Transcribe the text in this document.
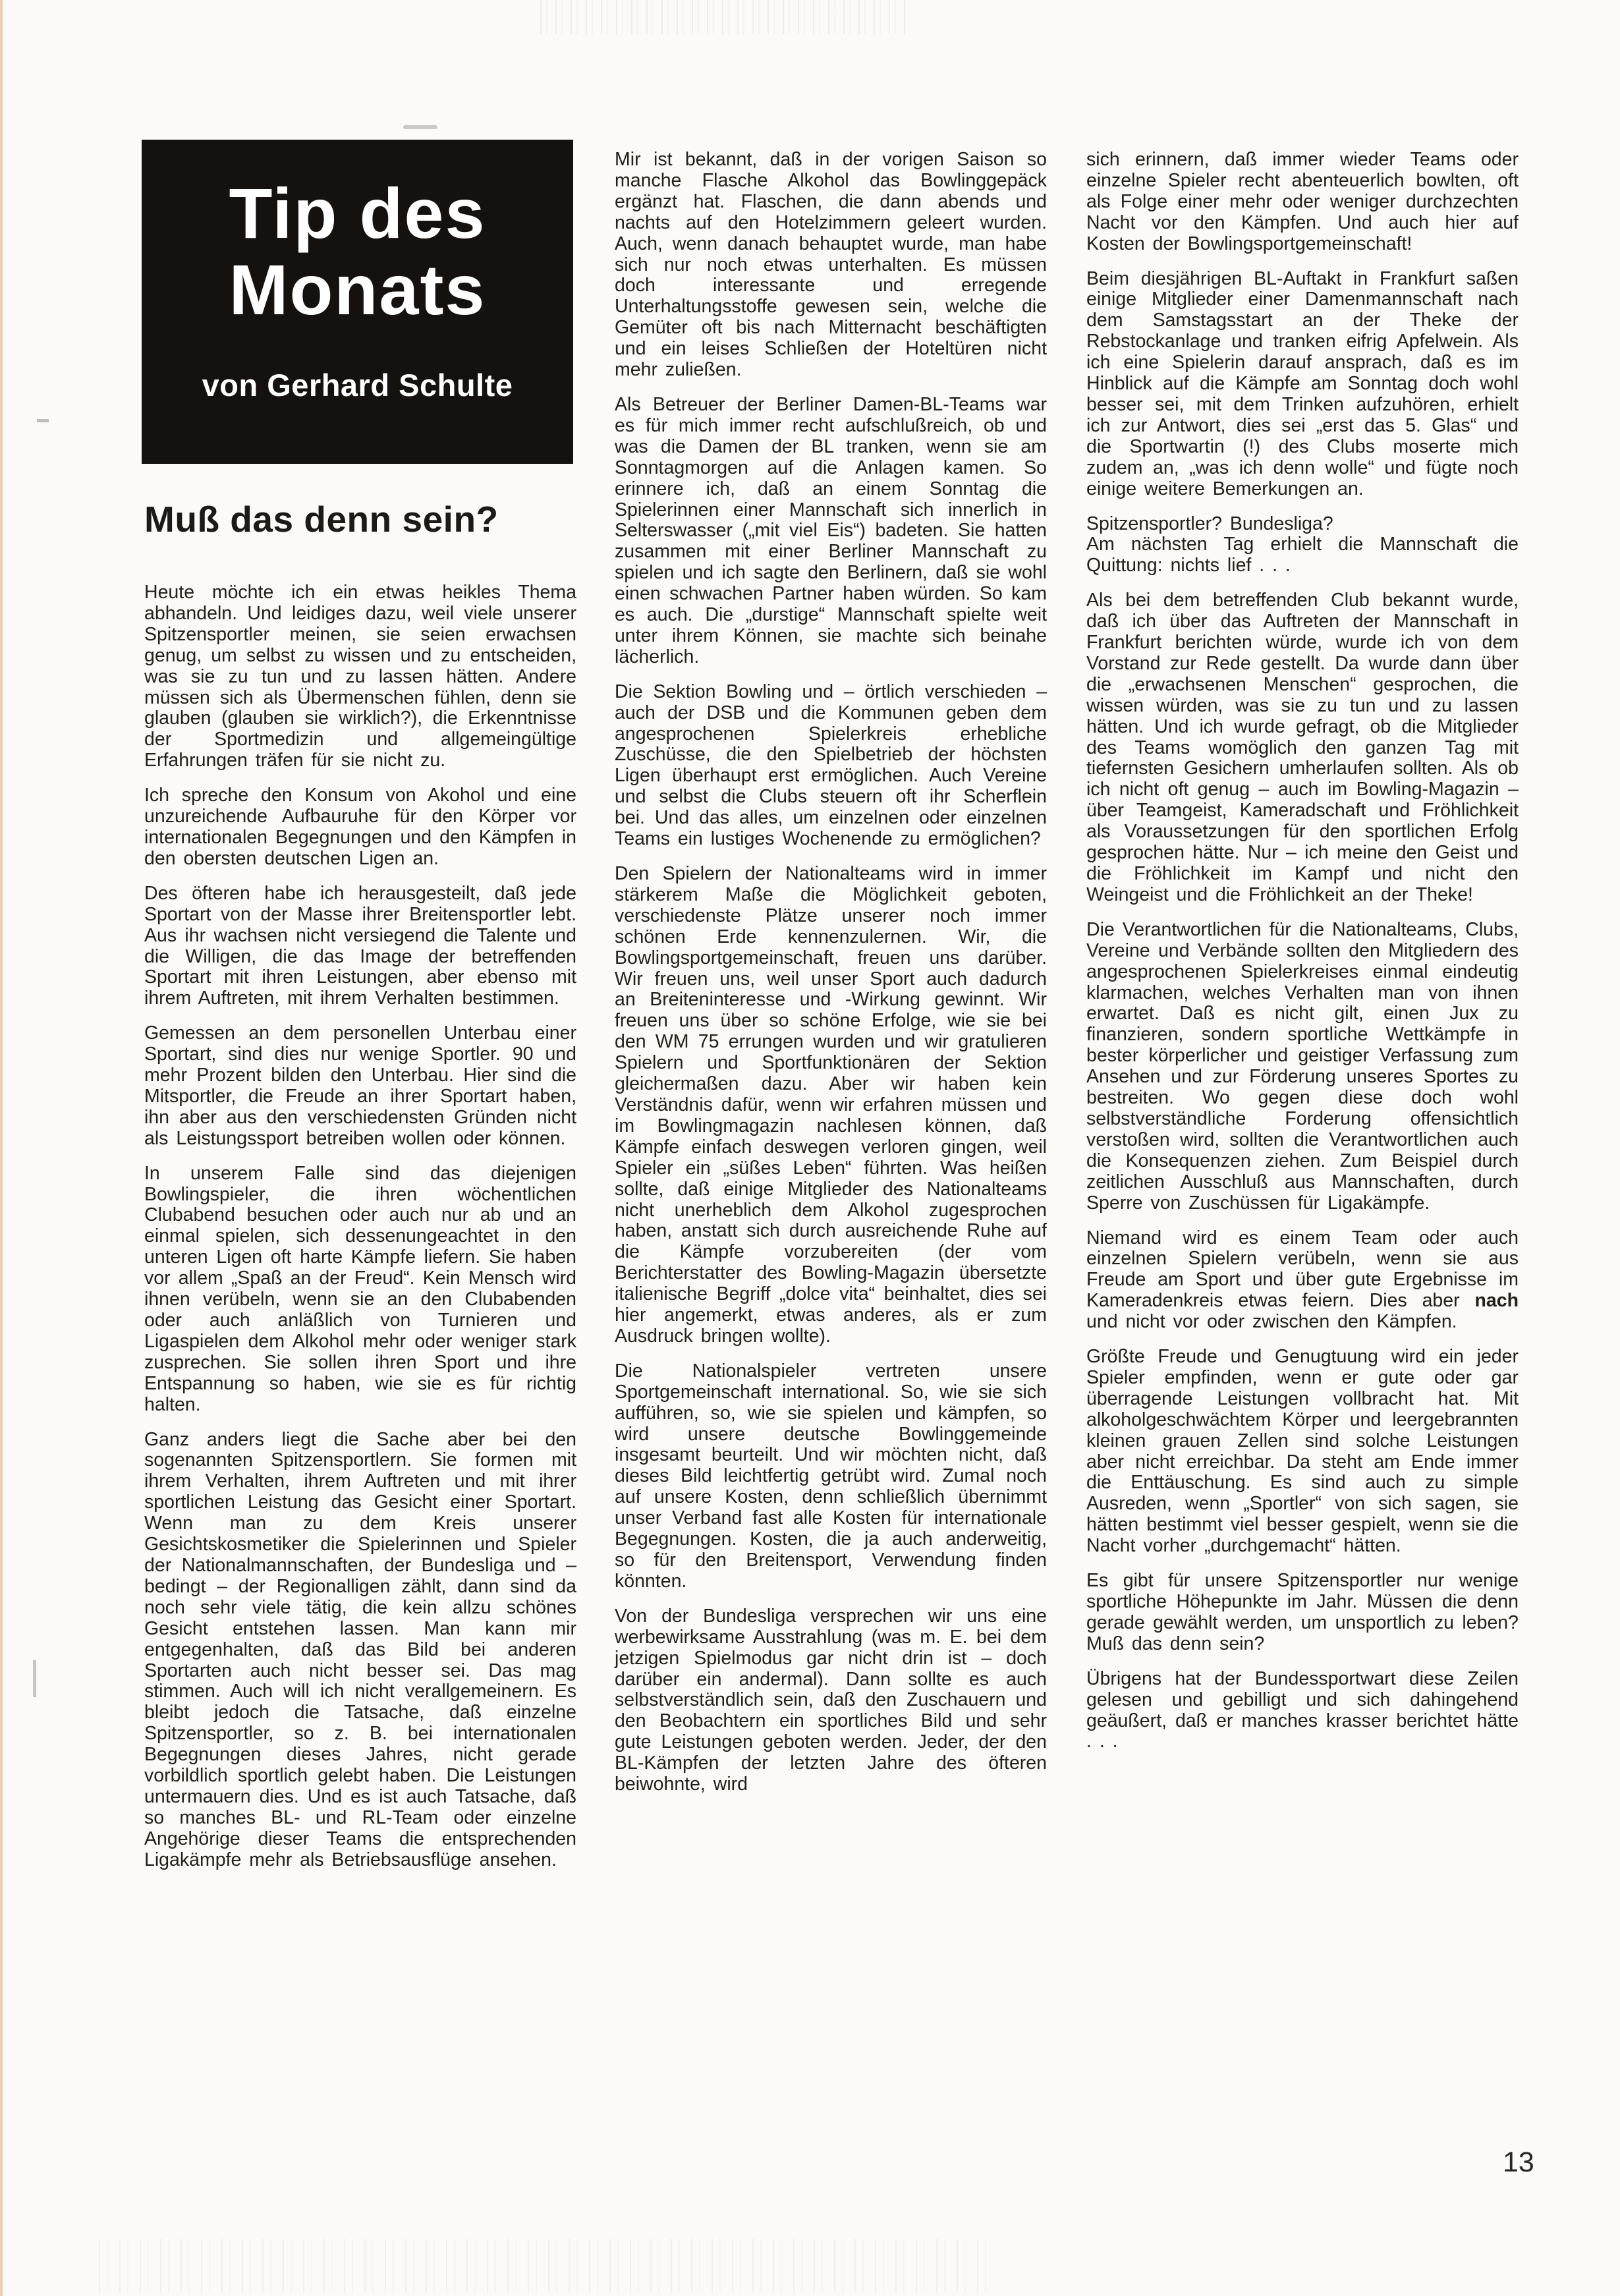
Tip des
Monats
von Gerhard Schulte
Muß das denn sein?

Heute möchte ich ein etwas heikles Thema abhandeln. Und leidiges dazu, weil viele unserer Spitzensportler meinen, sie seien erwachsen genug, um selbst zu wissen und zu entscheiden, was sie zu tun und zu lassen hätten. Andere müssen sich als Übermenschen fühlen, denn sie glauben (glauben sie wirklich?), die Erkenntnisse der Sportmedizin und allgemeingültige Erfahrungen träfen für sie nicht zu.

Ich spreche den Konsum von Akohol und eine unzureichende Aufbauruhe für den Körper vor internationalen Begegnungen und den Kämpfen in den obersten deutschen Ligen an.

Des öfteren habe ich herausgesteilt, daß jede Sportart von der Masse ihrer Breitensportler lebt. Aus ihr wachsen nicht versiegend die Talente und die Willigen, die das Image der betreffenden Sportart mit ihren Leistungen, aber ebenso mit ihrem Auftreten, mit ihrem Verhalten bestimmen.

Gemessen an dem personellen Unterbau einer Sportart, sind dies nur wenige Sportler. 90 und mehr Prozent bilden den Unterbau. Hier sind die Mitsportler, die Freude an ihrer Sportart haben, ihn aber aus den verschiedensten Gründen nicht als Leistungssport betreiben wollen oder können.

In unserem Falle sind das diejenigen Bowlingspieler, die ihren wöchentlichen Clubabend besuchen oder auch nur ab und an einmal spielen, sich dessenungeachtet in den unteren Ligen oft harte Kämpfe liefern. Sie haben vor allem „Spaß an der Freud“. Kein Mensch wird ihnen verübeln, wenn sie an den Clubabenden oder auch anläßlich von Turnieren und Ligaspielen dem Alkohol mehr oder weniger stark zusprechen. Sie sollen ihren Sport und ihre Entspannung so haben, wie sie es für richtig halten.

Ganz anders liegt die Sache aber bei den sogenannten Spitzensportlern. Sie formen mit ihrem Verhalten, ihrem Auftreten und mit ihrer sportlichen Leistung das Gesicht einer Sportart. Wenn man zu dem Kreis unserer Gesichtskosmetiker die Spielerinnen und Spieler der Nationalmannschaften, der Bundesliga und – bedingt – der Regionalligen zählt, dann sind da noch sehr viele tätig, die kein allzu schönes Gesicht entstehen lassen. Man kann mir entgegenhalten, daß das Bild bei anderen Sportarten auch nicht besser sei. Das mag stimmen. Auch will ich nicht verallgemeinern. Es bleibt jedoch die Tatsache, daß einzelne Spitzensportler, so z. B. bei internationalen Begegnungen dieses Jahres, nicht gerade vorbildlich sportlich gelebt haben. Die Leistungen untermauern dies. Und es ist auch Tatsache, daß so manches BL- und RL-Team oder einzelne Angehörige dieser Teams die entsprechenden Ligakämpfe mehr als Betriebsausflüge ansehen.

Mir ist bekannt, daß in der vorigen Saison so manche Flasche Alkohol das Bowlinggepäck ergänzt hat. Flaschen, die dann abends und nachts auf den Hotelzimmern geleert wurden. Auch, wenn danach behauptet wurde, man habe sich nur noch etwas unterhalten. Es müssen doch interessante und erregende Unterhaltungsstoffe gewesen sein, welche die Gemüter oft bis nach Mitternacht beschäftigten und ein leises Schließen der Hoteltüren nicht mehr zuließen.

Als Betreuer der Berliner Damen-BL-Teams war es für mich immer recht aufschlußreich, ob und was die Damen der BL tranken, wenn sie am Sonntagmorgen auf die Anlagen kamen. So erinnere ich, daß an einem Sonntag die Spielerinnen einer Mannschaft sich innerlich in Selterswasser („mit viel Eis“) badeten. Sie hatten zusammen mit einer Berliner Mannschaft zu spielen und ich sagte den Berlinern, daß sie wohl einen schwachen Partner haben würden. So kam es auch. Die „durstige“ Mannschaft spielte weit unter ihrem Können, sie machte sich beinahe lächerlich.

Die Sektion Bowling und – örtlich verschieden – auch der DSB und die Kommunen geben dem angesprochenen Spielerkreis erhebliche Zuschüsse, die den Spielbetrieb der höchsten Ligen überhaupt erst ermöglichen. Auch Vereine und selbst die Clubs steuern oft ihr Scherflein bei. Und das alles, um einzelnen oder einzelnen Teams ein lustiges Wochenende zu ermöglichen?

Den Spielern der Nationalteams wird in immer stärkerem Maße die Möglichkeit geboten, verschiedenste Plätze unserer noch immer schönen Erde kennenzulernen. Wir, die Bowlingsportgemeinschaft, freuen uns darüber. Wir freuen uns, weil unser Sport auch dadurch an Breiteninteresse und -Wirkung gewinnt. Wir freuen uns über so schöne Erfolge, wie sie bei den WM 75 errungen wurden und wir gratulieren Spielern und Sportfunktionären der Sektion gleichermaßen dazu. Aber wir haben kein Verständnis dafür, wenn wir erfahren müssen und im Bowlingmagazin nachlesen können, daß Kämpfe einfach deswegen verloren gingen, weil Spieler ein „süßes Leben“ führten. Was heißen sollte, daß einige Mitglieder des Nationalteams nicht unerheblich dem Alkohol zugesprochen haben, anstatt sich durch ausreichende Ruhe auf die Kämpfe vorzubereiten (der vom Berichterstatter des Bowling-Magazin übersetzte italienische Begriff „dolce vita“ beinhaltet, dies sei hier angemerkt, etwas anderes, als er zum Ausdruck bringen wollte).

Die Nationalspieler vertreten unsere Sportgemeinschaft international. So, wie sie sich aufführen, so, wie sie spielen und kämpfen, so wird unsere deutsche Bowlinggemeinde insgesamt beurteilt. Und wir möchten nicht, daß dieses Bild leichtfertig getrübt wird. Zumal noch auf unsere Kosten, denn schließlich übernimmt unser Verband fast alle Kosten für internationale Begegnungen. Kosten, die ja auch anderweitig, so für den Breitensport, Verwendung finden könnten.

Von der Bundesliga versprechen wir uns eine werbewirksame Ausstrahlung (was m. E. bei dem jetzigen Spielmodus gar nicht drin ist – doch darüber ein andermal). Dann sollte es auch selbstverständlich sein, daß den Zuschauern und den Beobachtern ein sportliches Bild und sehr gute Leistungen geboten werden. Jeder, der den BL-Kämpfen der letzten Jahre des öfteren beiwohnte, wird

sich erinnern, daß immer wieder Teams oder einzelne Spieler recht abenteuerlich bowlten, oft als Folge einer mehr oder weniger durchzechten Nacht vor den Kämpfen. Und auch hier auf Kosten der Bowlingsportgemeinschaft!

Beim diesjährigen BL-Auftakt in Frankfurt saßen einige Mitglieder einer Damenmannschaft nach dem Samstagsstart an der Theke der Rebstockanlage und tranken eifrig Apfelwein. Als ich eine Spielerin darauf ansprach, daß es im Hinblick auf die Kämpfe am Sonntag doch wohl besser sei, mit dem Trinken aufzuhören, erhielt ich zur Antwort, dies sei „erst das 5. Glas“ und die Sportwartin (!) des Clubs moserte mich zudem an, „was ich denn wolle“ und fügte noch einige weitere Bemerkungen an.

Spitzensportler? Bundesliga?
Am nächsten Tag erhielt die Mannschaft die Quittung: nichts lief . . .

Als bei dem betreffenden Club bekannt wurde, daß ich über das Auftreten der Mannschaft in Frankfurt berichten würde, wurde ich von dem Vorstand zur Rede gestellt. Da wurde dann über die „erwachsenen Menschen“ gesprochen, die wissen würden, was sie zu tun und zu lassen hätten. Und ich wurde gefragt, ob die Mitglieder des Teams womöglich den ganzen Tag mit tiefernsten Gesichern umherlaufen sollten. Als ob ich nicht oft genug – auch im Bowling-Magazin – über Teamgeist, Kameradschaft und Fröhlichkeit als Voraussetzungen für den sportlichen Erfolg gesprochen hätte. Nur – ich meine den Geist und die Fröhlichkeit im Kampf und nicht den Weingeist und die Fröhlichkeit an der Theke!

Die Verantwortlichen für die Nationalteams, Clubs, Vereine und Verbände sollten den Mitgliedern des angesprochenen Spielerkreises einmal eindeutig klarmachen, welches Verhalten man von ihnen erwartet. Daß es nicht gilt, einen Jux zu finanzieren, sondern sportliche Wettkämpfe in bester körperlicher und geistiger Verfassung zum Ansehen und zur Förderung unseres Sportes zu bestreiten. Wo gegen diese doch wohl selbstverständliche Forderung offensichtlich verstoßen wird, sollten die Verantwortlichen auch die Konsequenzen ziehen. Zum Beispiel durch zeitlichen Ausschluß aus Mannschaften, durch Sperre von Zuschüssen für Ligakämpfe.

Niemand wird es einem Team oder auch einzelnen Spielern verübeln, wenn sie aus Freude am Sport und über gute Ergebnisse im Kameradenkreis etwas feiern. Dies aber nach und nicht vor oder zwischen den Kämpfen.

Größte Freude und Genugtuung wird ein jeder Spieler empfinden, wenn er gute oder gar überragende Leistungen vollbracht hat. Mit alkoholgeschwächtem Körper und leergebrannten kleinen grauen Zellen sind solche Leistungen aber nicht erreichbar. Da steht am Ende immer die Enttäuschung. Es sind auch zu simple Ausreden, wenn „Sportler“ von sich sagen, sie hätten bestimmt viel besser gespielt, wenn sie die Nacht vorher „durchgemacht“ hätten.

Es gibt für unsere Spitzensportler nur wenige sportliche Höhepunkte im Jahr. Müssen die denn gerade gewählt werden, um unsportlich zu leben? Muß das denn sein?

Übrigens hat der Bundessportwart diese Zeilen gelesen und gebilligt und sich dahingehend geäußert, daß er manches krasser berichtet hätte . . .

13
